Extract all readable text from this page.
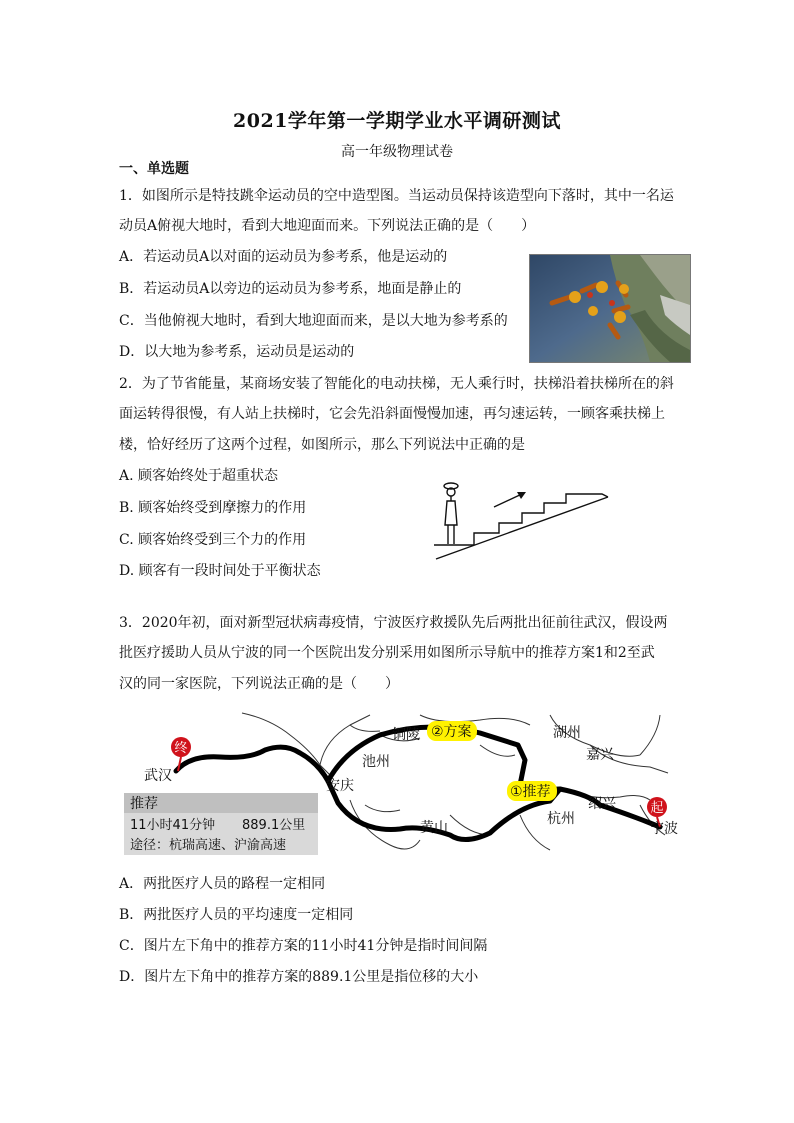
2021学年第一学期学业水平调研测试
高一年级物理试卷
一、单选题
1．如图所示是特技跳伞运动员的空中造型图。当运动员保持该造型向下落时，其中一名运
动员A俯视大地时，看到大地迎面而来。下列说法正确的是（　　）
A．若运动员A以对面的运动员为参考系，他是运动的
B．若运动员A以旁边的运动员为参考系，地面是静止的
C．当他俯视大地时，看到大地迎面而来，是以大地为参考系的
D．以大地为参考系，运动员是运动的
2．为了节省能量，某商场安装了智能化的电动扶梯，无人乘行时，扶梯沿着扶梯所在的斜
面运转得很慢，有人站上扶梯时，它会先沿斜面慢慢加速，再匀速运转，一顾客乘扶梯上
楼，恰好经历了这两个过程，如图所示，那么下列说法中正确的是
A. 顾客始终处于超重状态
B. 顾客始终受到摩擦力的作用
C. 顾客始终受到三个力的作用
D. 顾客有一段时间处于平衡状态
3．2020年初，面对新型冠状病毒疫情，宁波医疗救援队先后两批出征前往武汉，假设两
批医疗援助人员从宁波的同一个医院出发分别采用如图所示导航中的推荐方案1和2至武
汉的同一家医院，下列说法正确的是（　　）
终
起
武汉
池州
铜陵
安庆
黄山
湖州
嘉兴
杭州
绍兴
宁波
②方案
①推荐
推荐
11小时41分钟 889.1公里
途径：杭瑞高速、沪渝高速
A．两批医疗人员的路程一定相同
B．两批医疗人员的平均速度一定相同
C．图片左下角中的推荐方案的11小时41分钟是指时间间隔
D．图片左下角中的推荐方案的889.1公里是指位移的大小
